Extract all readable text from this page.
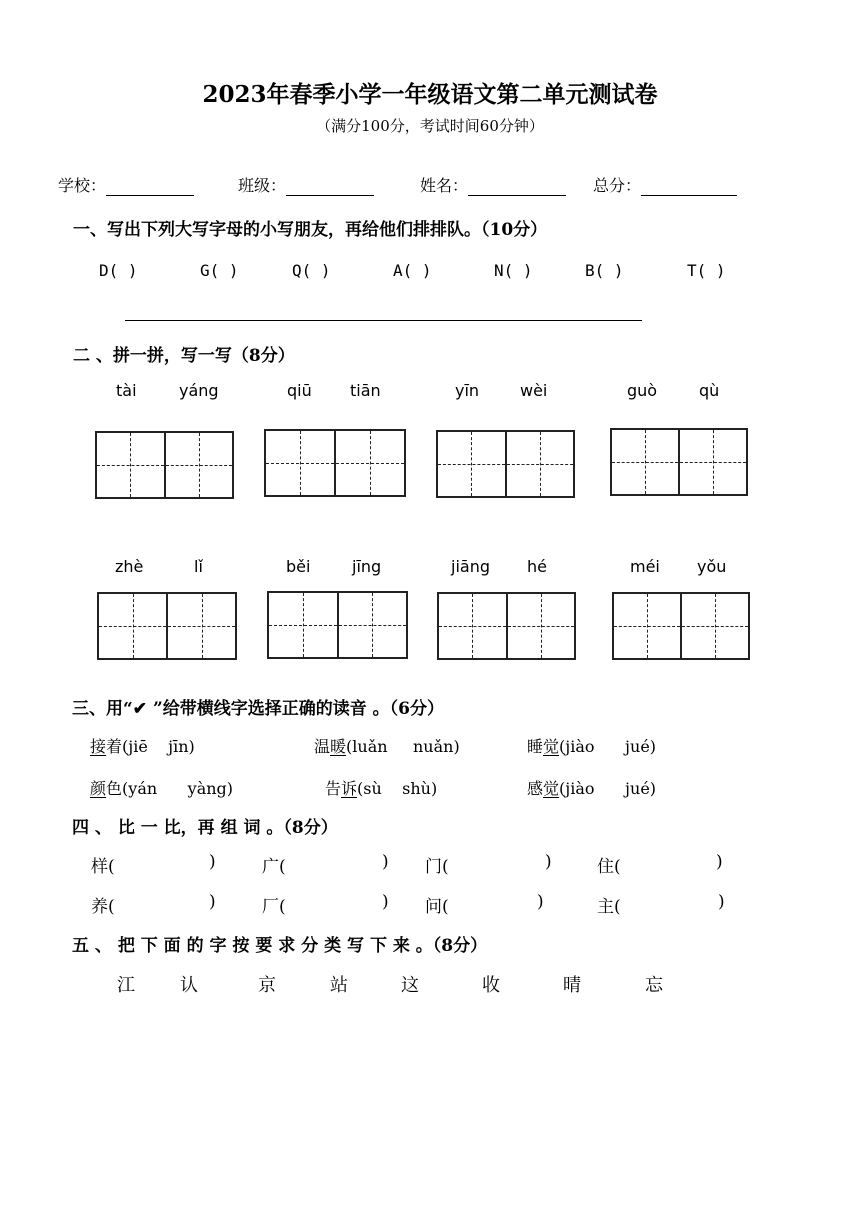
2023年春季小学一年级语文第二单元测试卷
（满分100分，考试时间60分钟）
学校：	班级：	姓名：	总分：
一、写出下列大写字母的小写朋友，再给他们排排队。（10分）
D( )	G( )	Q( )	A( )	N( )	B( )	T( )
二 、拼一拼，写一写（8分）
tài	yáng	qiū tiān	yīn	wèi	guò	qù
zhè	lǐ	běi	jīng	jiāng hé	méi yǒu
三、用“✔ ”给带横线字选择正确的读音 。（6分）
接着(jiē jīn)	温暖(luǎn nuǎn)	睡觉(jiào jué)
颜色(yán yàng)	告诉(sù shù)	感觉(jiào jué)
四 、 比 一 比，再 组 词 。（8分）
样(	)	广(	) 门(	)	住(	)
养(	)	厂(	) 问(	)	主(	)
五 、 把 下 面 的 字 按 要 求 分 类 写 下 来 。（8分）
江	认	京	站	这	收	晴	忘
